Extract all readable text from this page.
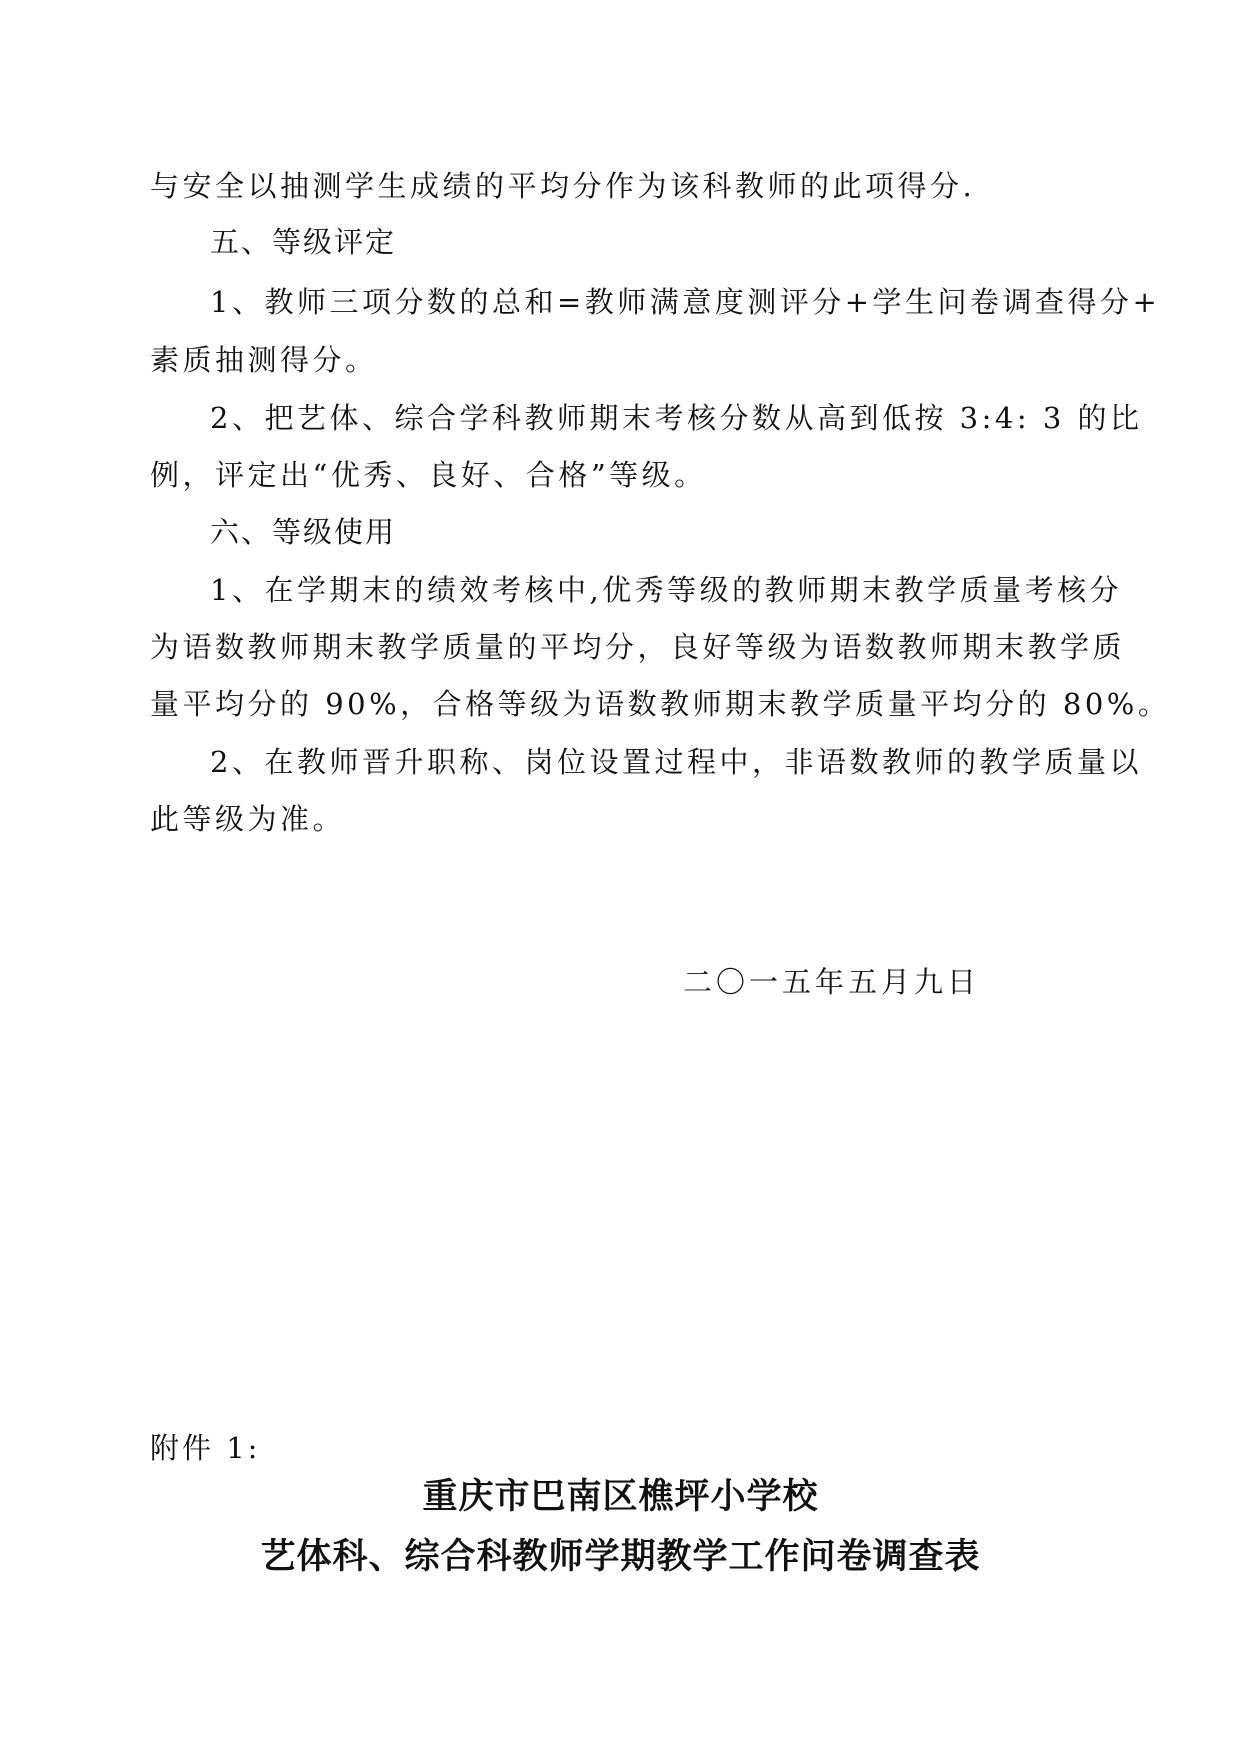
与安全以抽测学生成绩的平均分作为该科教师的此项得分.
五、等级评定
1、教师三项分数的总和=教师满意度测评分+学生问卷调查得分+
素质抽测得分。
2、把艺体、综合学科教师期末考核分数从高到低按 3:4: 3 的比
例，评定出“优秀、良好、合格”等级。
六、等级使用
1、在学期末的绩效考核中,优秀等级的教师期末教学质量考核分
为语数教师期末教学质量的平均分，良好等级为语数教师期末教学质
量平均分的 90%，合格等级为语数教师期末教学质量平均分的 80%。
2、在教师晋升职称、岗位设置过程中，非语数教师的教学质量以
此等级为准。
二〇一五年五月九日
附件 1:
重庆市巴南区樵坪小学校
艺体科、综合科教师学期教学工作问卷调查表
